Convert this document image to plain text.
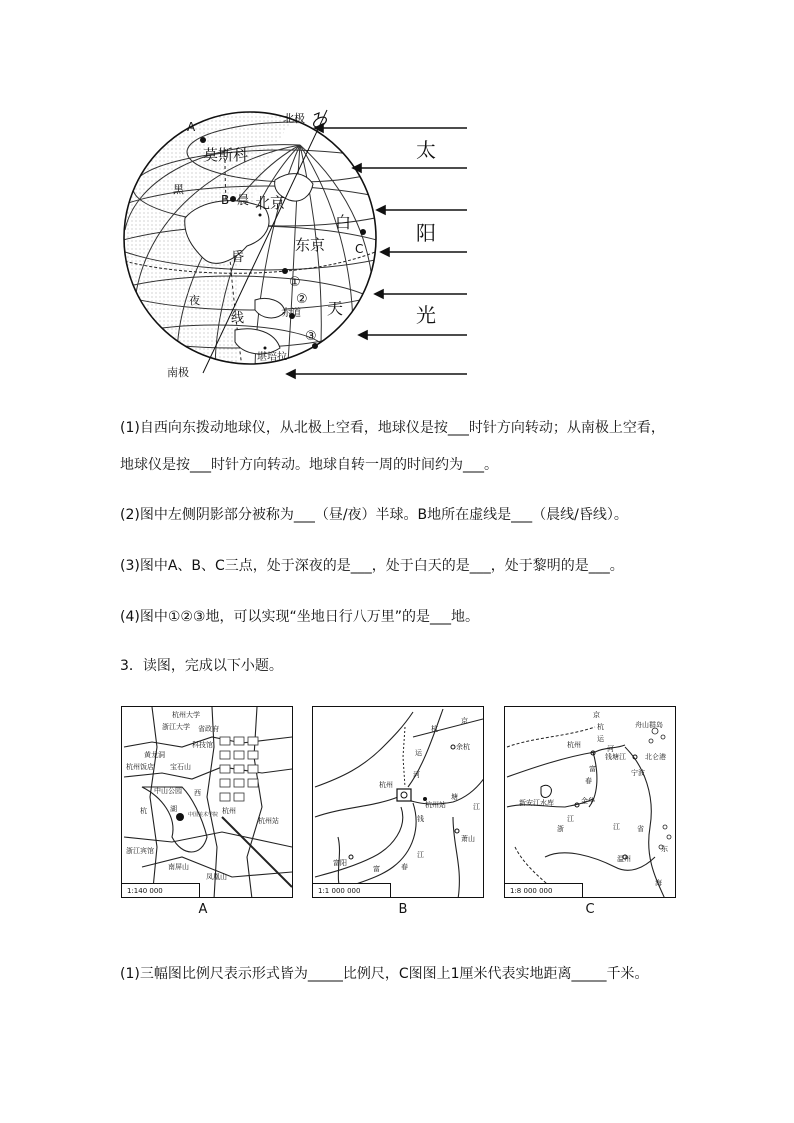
北极
南极
A
莫斯科
黑
B 晨 北京
东京 C
昏
白
夜
①
②
③
赤道 天
线
堪培拉
太
阳
光
(1)自西向东拨动地球仪，从北极上空看，地球仪是按___时针方向转动；从南极上空看，
地球仪是按___时针方向转动。地球自转一周的时间约为___。
(2)图中左侧阴影部分被称为___（昼/夜）半球。B地所在虚线是___（晨线/昏线）。
(3)图中A、B、C三点，处于深夜的是___，处于白天的是___，处于黎明的是___。
(4)图中①②③地，可以实现“坐地日行八万里”的是___地。
3．读图，完成以下小题。
浙江大学
杭州大学
省政府
科技馆
黄龙洞
杭州饭店 宝石山
中山公园 西
杭	湖
杭州站
浙江宾馆
南屏山
凤凰山
中国美术学院 杭州
1:140 000
A
杭
京
余杭
运
河
杭州
杭州站
塘
江
钱
萧山
富阳
富	春
江
1:1 000 000
B
京
杭
运
河
舟山群岛
杭州
钱塘江	北仑港
富
春
宁波
新安江水库	金华
江
浙	江 省
温州
东
海
1:8 000 000
C
(1)三幅图比例尺表示形式皆为_____比例尺，C图图上1厘米代表实地距离_____千米。
